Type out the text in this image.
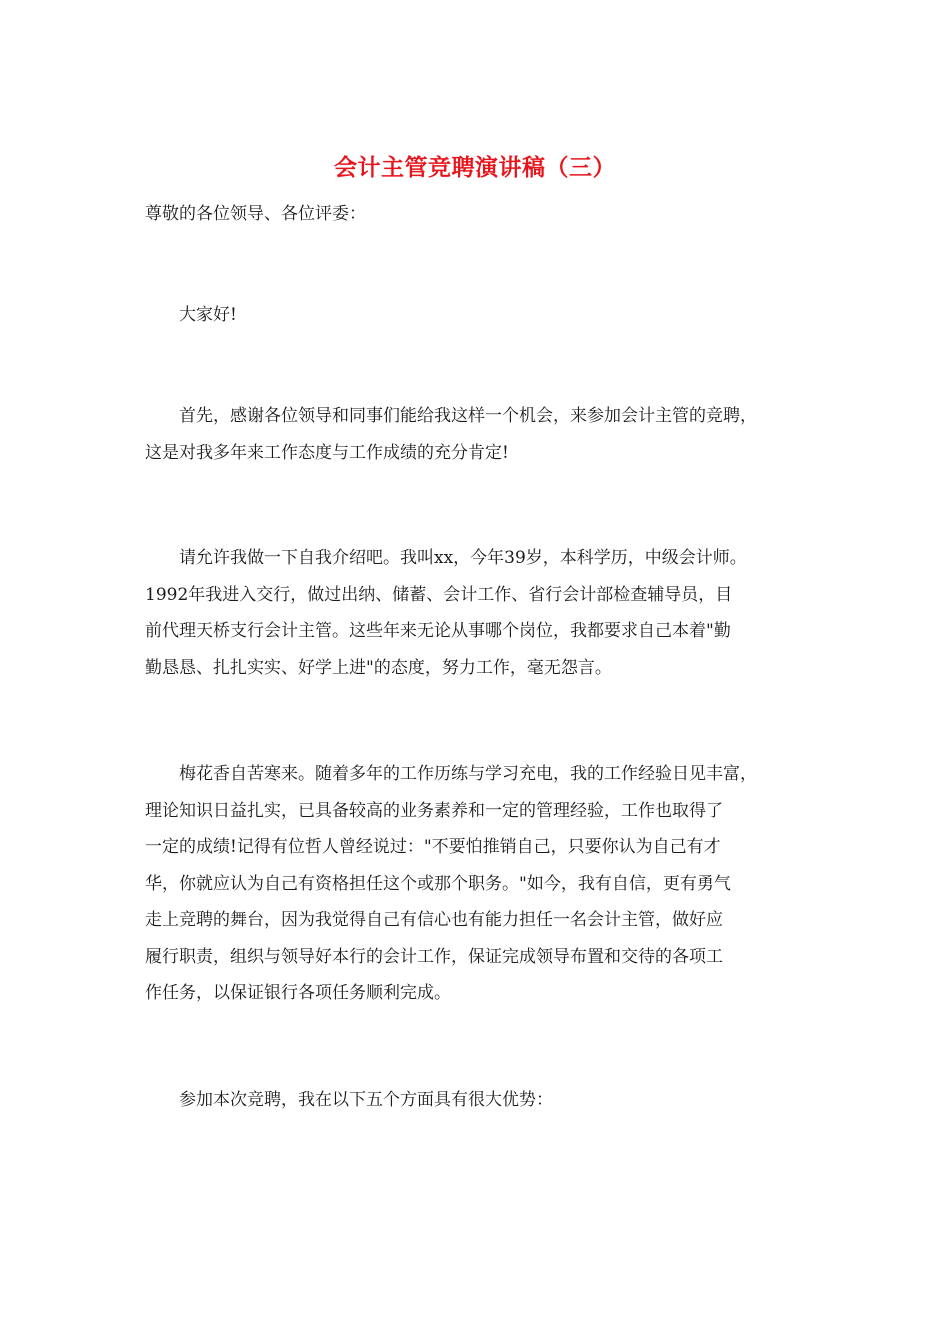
会计主管竞聘演讲稿（三）

尊敬的各位领导、各位评委：

大家好!

首先，感谢各位领导和同事们能给我这样一个机会，来参加会计主管的竞聘，
这是对我多年来工作态度与工作成绩的充分肯定!

请允许我做一下自我介绍吧。我叫xx，今年39岁，本科学历，中级会计师。
1992年我进入交行，做过出纳、储蓄、会计工作、省行会计部检查辅导员，目
前代理天桥支行会计主管。这些年来无论从事哪个岗位，我都要求自己本着"勤
勤恳恳、扎扎实实、好学上进"的态度，努力工作，毫无怨言。

梅花香自苦寒来。随着多年的工作历练与学习充电，我的工作经验日见丰富，
理论知识日益扎实，已具备较高的业务素养和一定的管理经验，工作也取得了
一定的成绩!记得有位哲人曾经说过："不要怕推销自己，只要你认为自己有才
华，你就应认为自己有资格担任这个或那个职务。"如今，我有自信，更有勇气
走上竞聘的舞台，因为我觉得自己有信心也有能力担任一名会计主管，做好应
履行职责，组织与领导好本行的会计工作，保证完成领导布置和交待的各项工
作任务，以保证银行各项任务顺利完成。

参加本次竞聘，我在以下五个方面具有很大优势：
